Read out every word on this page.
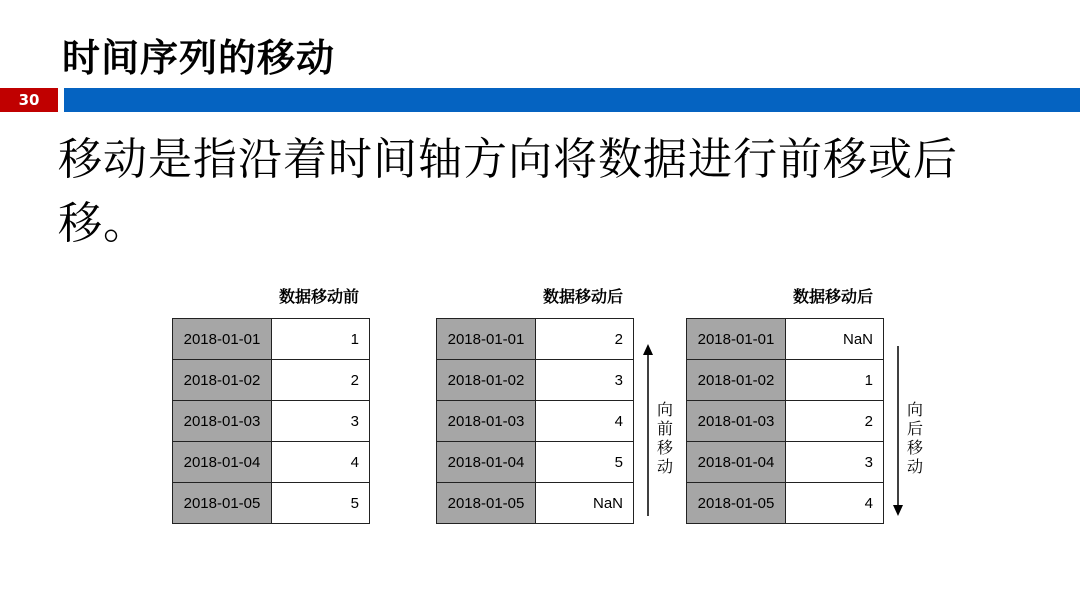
时间序列的移动
30

移动是指沿着时间轴方向将数据进行前移或后移。

数据移动前
2018-01-01	1
2018-01-02	2
2018-01-03	3
2018-01-04	4
2018-01-05	5
数据移动后
2018-01-01	2
2018-01-02	3
2018-01-03	4
2018-01-04	5
2018-01-05	NaN
向前移动
数据移动后
2018-01-01	NaN
2018-01-02	1
2018-01-03	2
2018-01-04	3
2018-01-05	4
向后移动
